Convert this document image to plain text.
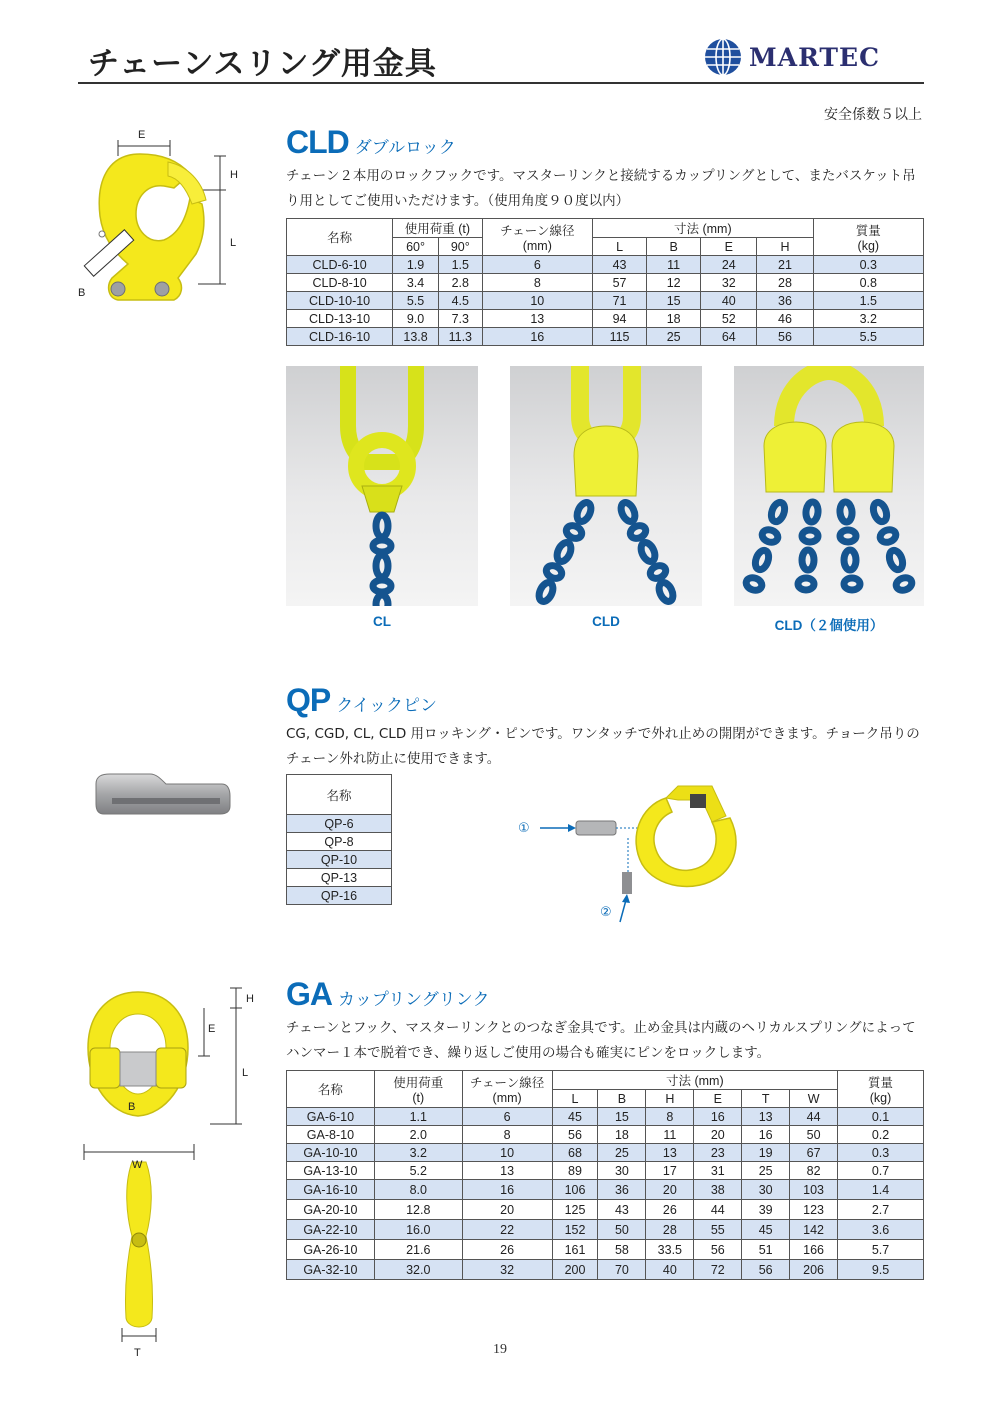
チェーンスリング用金具	MARTEC
安全係数５以上
E
H
L
B
CLD ダブルロック
チェーン２本用のロックフックです。マスターリンクと接続するカップリングとして、またバスケット吊り用としてご使用いただけます。（使用角度９０度以内）
名称	使用荷重 (t)		チェーン線径
(mm)	寸法 (mm)				質量
(kg)
	60°	90°		L	B	E	H	
CLD-6-10	1.9	1.5	6	43	11	24	21	0.3
CLD-8-10	3.4	2.8	8	57	12	32	28	0.8
CLD-10-10	5.5	4.5	10	71	15	40	36	1.5
CLD-13-10	9.0	7.3	13	94	18	52	46	3.2
CLD-16-10	13.8	11.3	16	115	25	64	56	5.5
CL	CLD	CLD（２個使用）
QP クイックピン
CG, CGD, CL, CLD 用ロッキング・ピンです。ワンタッチで外れ止めの開閉ができます。チョーク吊りのチェーン外れ防止に使用できます。
名称
QP-6
QP-8
QP-10
QP-13
QP-16
①
②
H
E
L
B
W
T
GA カップリングリンク
チェーンとフック、マスターリンクとのつなぎ金具です。止め金具は内蔵のヘリカルスプリングによってハンマー１本で脱着でき、繰り返しご使用の場合も確実にピンをロックします。
名称	使用荷重
(t)	チェーン線径
(mm)	寸法 (mm)						質量
(kg)
			L	B	H	E	T	W	
GA-6-10	1.1	6	45	15	8	16	13	44	0.1
GA-8-10	2.0	8	56	18	11	20	16	50	0.2
GA-10-10	3.2	10	68	25	13	23	19	67	0.3
GA-13-10	5.2	13	89	30	17	31	25	82	0.7
GA-16-10	8.0	16	106	36	20	38	30	103	1.4
GA-20-10	12.8	20	125	43	26	44	39	123	2.7
GA-22-10	16.0	22	152	50	28	55	45	142	3.6
GA-26-10	21.6	26	161	58	33.5	56	51	166	5.7
GA-32-10	32.0	32	200	70	40	72	56	206	9.5
19
